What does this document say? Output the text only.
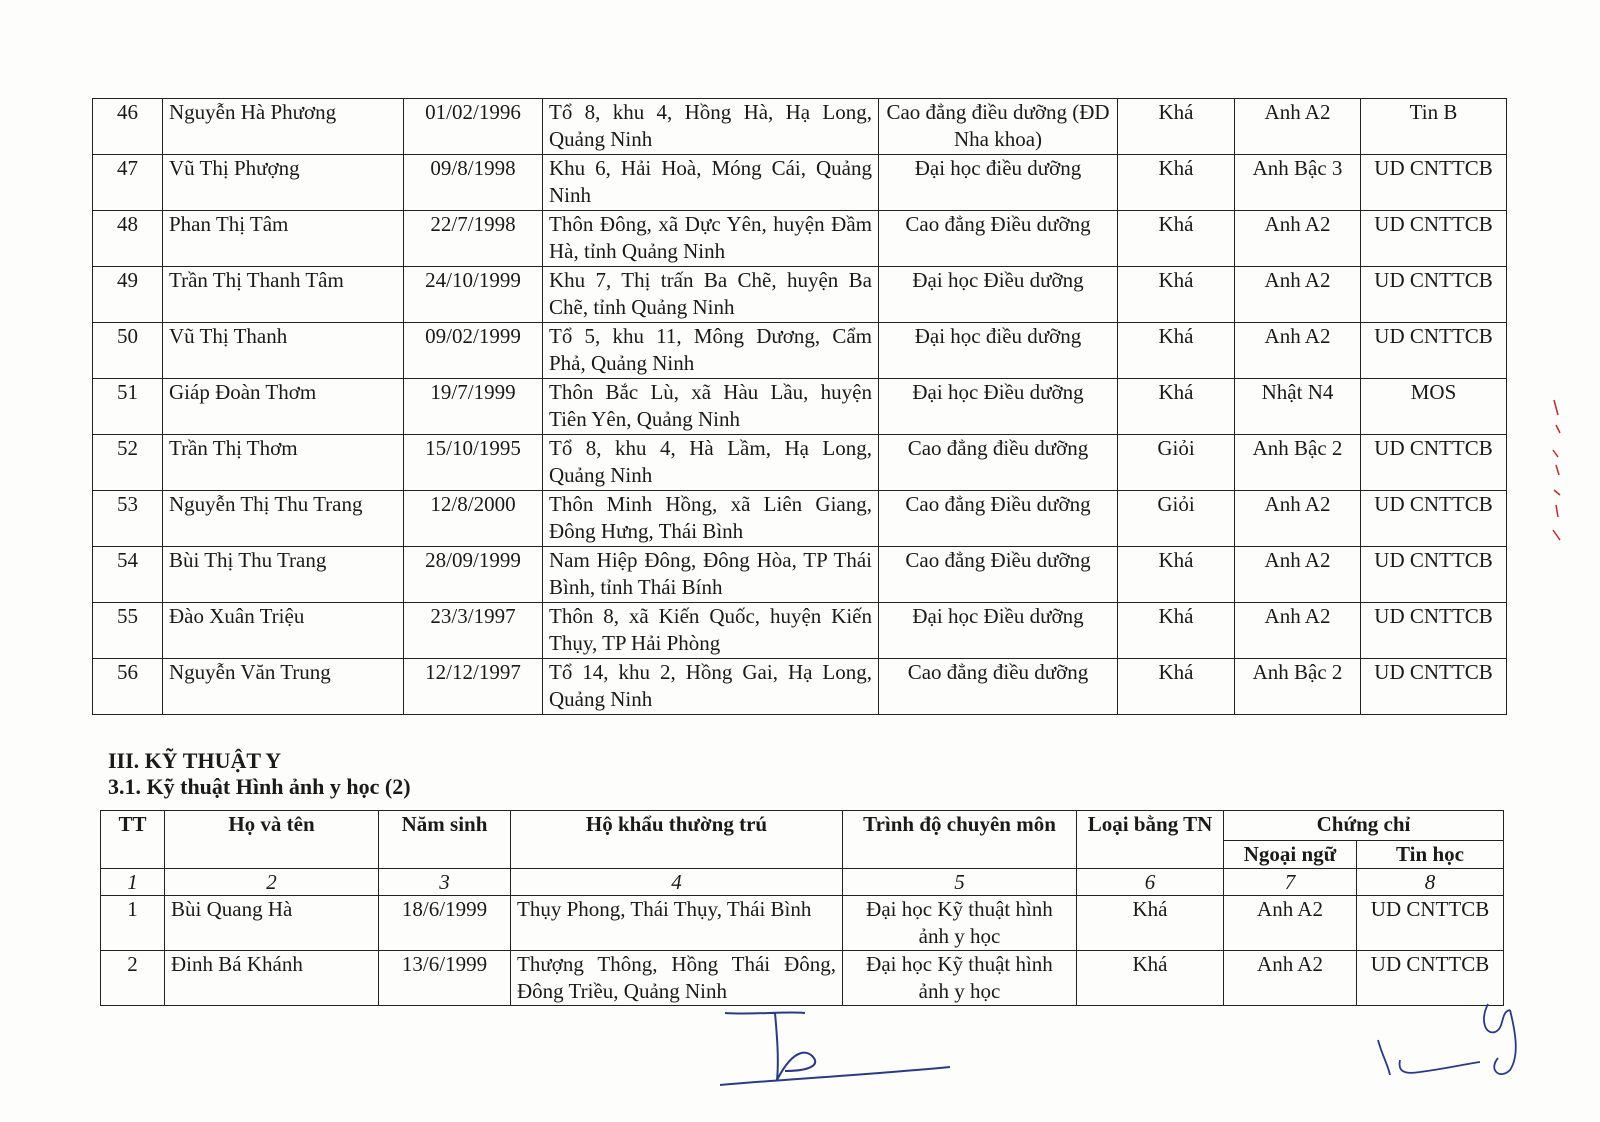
46	Nguyễn Hà Phương	01/02/1996	Tổ 8, khu 4, Hồng Hà, Hạ Long, Quảng Ninh	Cao đẳng điều dưỡng (ĐD Nha khoa)	Khá	Anh A2	Tin B
47	Vũ Thị Phượng	09/8/1998	Khu 6, Hải Hoà, Móng Cái, Quảng Ninh	Đại học điều dưỡng	Khá	Anh Bậc 3	UD CNTTCB
48	Phan Thị Tâm	22/7/1998	Thôn Đông, xã Dực Yên, huyện Đầm Hà, tỉnh Quảng Ninh	Cao đẳng Điều dưỡng	Khá	Anh A2	UD CNTTCB
49	Trần Thị Thanh Tâm	24/10/1999	Khu 7, Thị trấn Ba Chẽ, huyện Ba Chẽ, tỉnh Quảng Ninh	Đại học Điều dưỡng	Khá	Anh A2	UD CNTTCB
50	Vũ Thị Thanh	09/02/1999	Tổ 5, khu 11, Mông Dương, Cẩm Phả, Quảng Ninh	Đại học điều dưỡng	Khá	Anh A2	UD CNTTCB
51	Giáp Đoàn Thơm	19/7/1999	Thôn Bắc Lù, xã Hàu Lầu, huyện Tiên Yên, Quảng Ninh	Đại học Điều dưỡng	Khá	Nhật N4	MOS
52	Trần Thị Thơm	15/10/1995	Tổ 8, khu 4, Hà Lầm, Hạ Long, Quảng Ninh	Cao đẳng điều dưỡng	Giỏi	Anh Bậc 2	UD CNTTCB
53	Nguyễn Thị Thu Trang	12/8/2000	Thôn Minh Hồng, xã Liên Giang, Đông Hưng, Thái Bình	Cao đẳng Điều dưỡng	Giỏi	Anh A2	UD CNTTCB
54	Bùi Thị Thu Trang	28/09/1999	Nam Hiệp Đông, Đông Hòa, TP Thái Bình, tỉnh Thái Bính	Cao đẳng Điều dưỡng	Khá	Anh A2	UD CNTTCB
55	Đào Xuân Triệu	23/3/1997	Thôn 8, xã Kiến Quốc, huyện Kiến Thụy, TP Hải Phòng	Đại học Điều dưỡng	Khá	Anh A2	UD CNTTCB
56	Nguyễn Văn Trung	12/12/1997	Tổ 14, khu 2, Hồng Gai, Hạ Long, Quảng Ninh	Cao đẳng điều dưỡng	Khá	Anh Bậc 2	UD CNTTCB
III. KỸ THUẬT Y
3.1. Kỹ thuật Hình ảnh y học (2)
TT	Họ và tên	Năm sinh	Hộ khẩu thường trú	Trình độ chuyên môn	Loại bằng TN	Chứng chỉ	
						Ngoại ngữ	Tin học
1	2	3	4	5	6	7	8
1	Bùi Quang Hà	18/6/1999	Thụy Phong, Thái Thụy, Thái Bình	Đại học Kỹ thuật hình ảnh y học	Khá	Anh A2	UD CNTTCB
2	Đinh Bá Khánh	13/6/1999	Thượng Thông, Hồng Thái Đông, Đông Triều, Quảng Ninh	Đại học Kỹ thuật hình ảnh y học	Khá	Anh A2	UD CNTTCB
